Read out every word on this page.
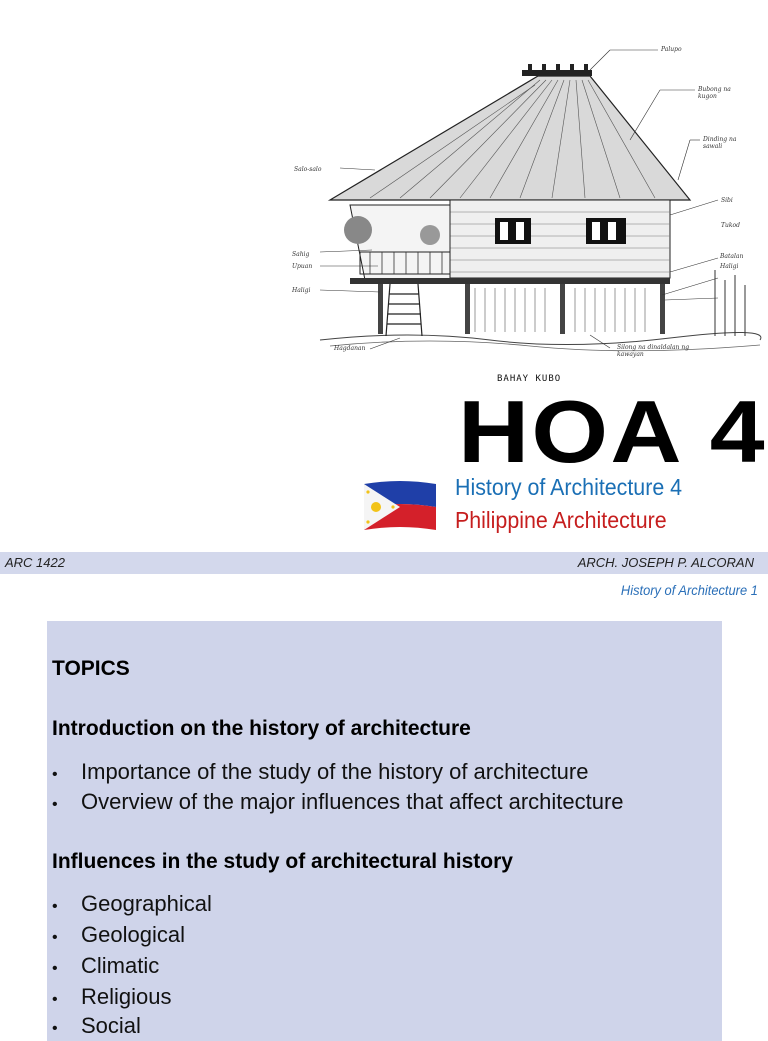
Palupo
Bubong na kugon
Dinding na sawali
Sibi
Tukod
Batalan
Haligi
Silong na dinaldalan ng kawayan
Salo-salo
Sahig
Upuan
Haligi
Hagdanan
BAHAY KUBO
HOA 4
History of Architecture 4
Philippine Architecture
ARC 1422	ARCH. JOSEPH P. ALCORAN
History of Architecture 1
TOPICS
Introduction on the history of architecture
• Importance of the study of the history of architecture
• Overview of the major influences that affect architecture
Influences in the study of architectural history
• Geographical
• Geological
• Climatic
• Religious
• Social
